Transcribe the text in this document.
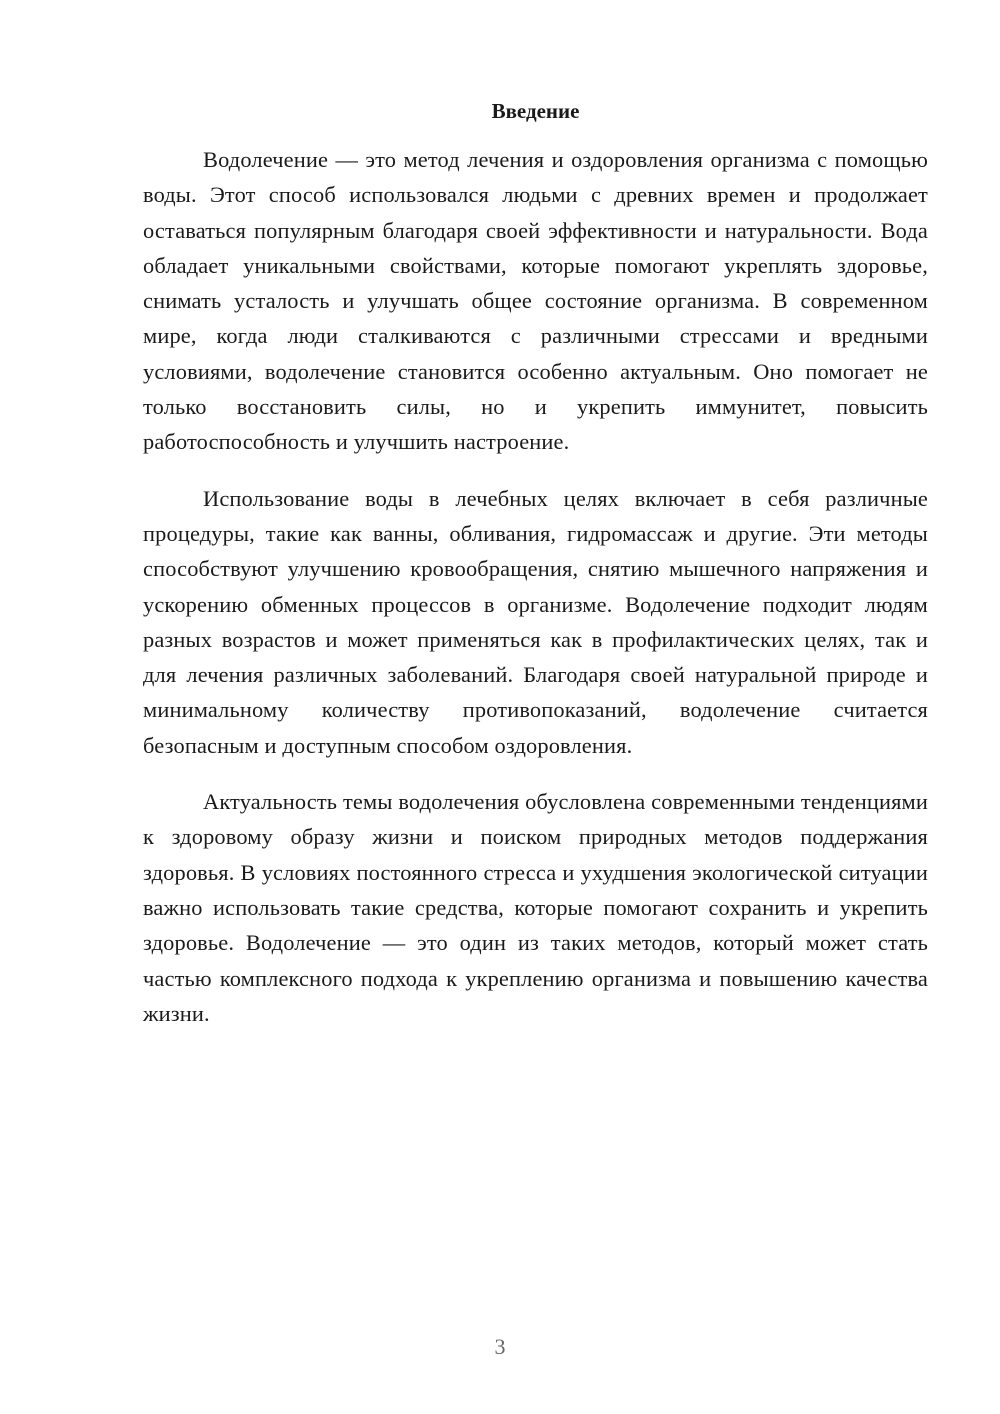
Введение

Водолечение — это метод лечения и оздоровления организма с помощью воды. Этот способ использовался людьми с древних времен и продолжает оставаться популярным благодаря своей эффективности и натуральности. Вода обладает уникальными свойствами, которые помогают укреплять здоровье, снимать усталость и улучшать общее состояние организма. В современном мире, когда люди сталкиваются с различными стрессами и вредными условиями, водолечение становится особенно актуальным. Оно помогает не только восстановить силы, но и укрепить иммунитет, повысить работоспособность и улучшить настроение.

Использование воды в лечебных целях включает в себя различные процедуры, такие как ванны, обливания, гидромассаж и другие. Эти методы способствуют улучшению кровообращения, снятию мышечного напряжения и ускорению обменных процессов в организме. Водолечение подходит людям разных возрастов и может применяться как в профилактических целях, так и для лечения различных заболеваний. Благодаря своей натуральной природе и минимальному количеству противопоказаний, водолечение считается безопасным и доступным способом оздоровления.

Актуальность темы водолечения обусловлена современными тенденциями к здоровому образу жизни и поиском природных методов поддержания здоровья. В условиях постоянного стресса и ухудшения экологической ситуации важно использовать такие средства, которые помогают сохранить и укрепить здоровье. Водолечение — это один из таких методов, который может стать частью комплексного подхода к укреплению организма и повышению качества жизни.

3
